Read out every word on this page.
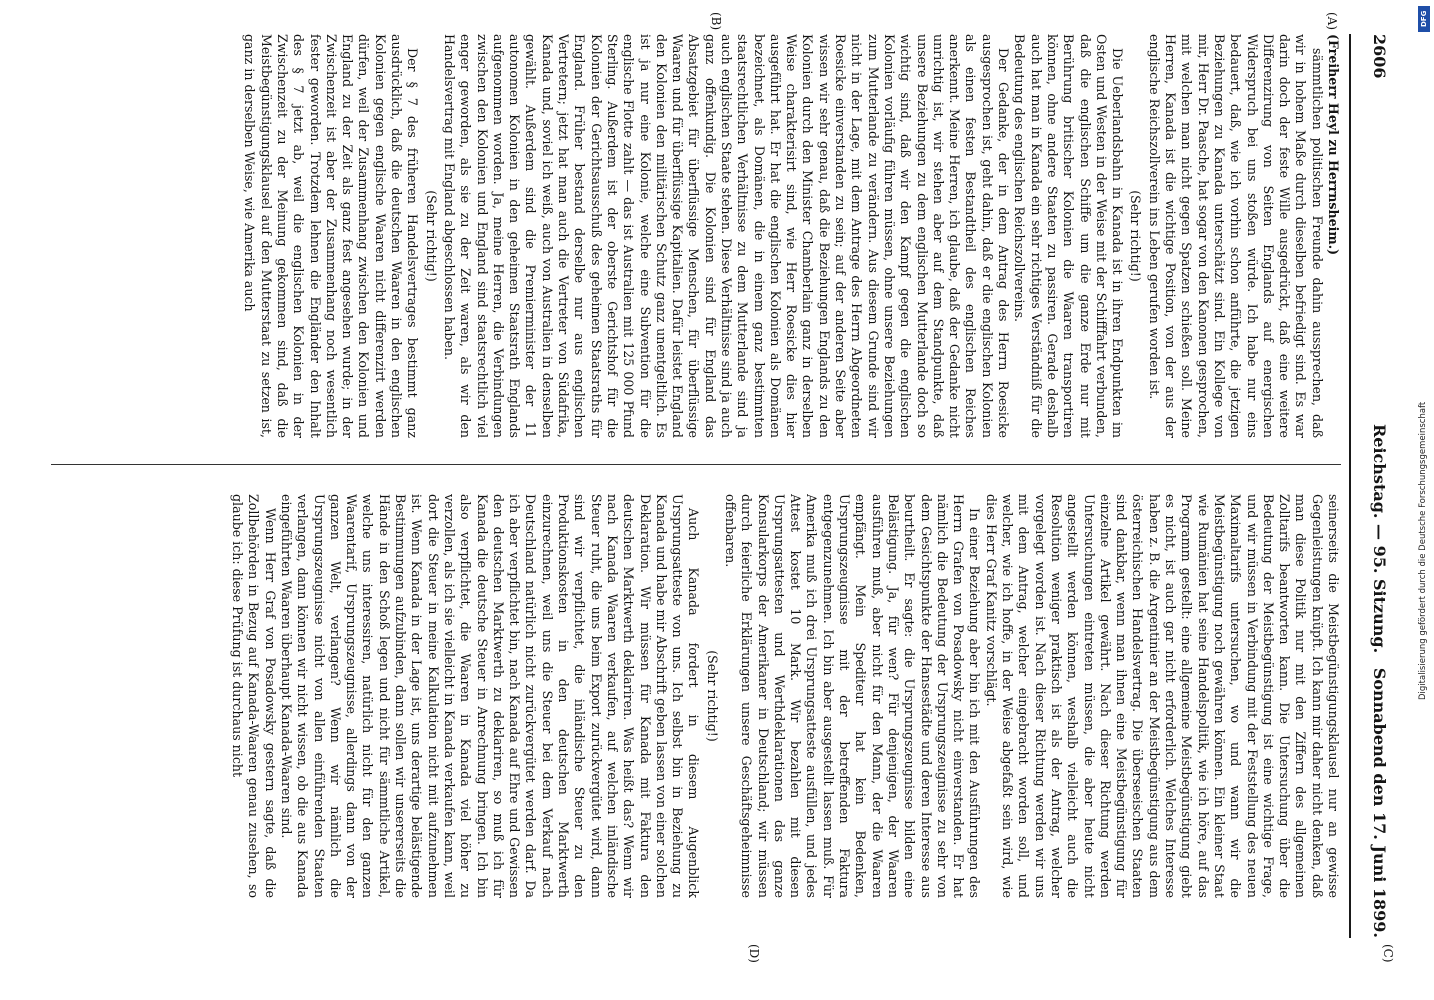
2606
Reichstag. — 95. Sitzung.
Sonnabend den 17. Juni 1899.
(A)
(B)
(C)
(D)

(Freiherr Heyl zu Herrnsheim.)

sämmtlichen politischen Freunde dahin aussprechen, daß wir in hohem Maße durch dieselben befriedigt sind. Es war darin doch der feste Wille ausgedrückt, daß eine weitere Differenzirung von Seiten Englands auf energischen Widerspruch bei uns stoßen würde. Ich habe nur eins bedauert, daß, wie ich vorhin schon anführte, die jetzigen Beziehungen zu Kanada unterschätzt sind. Ein Kollege von mir, Herr Dr. Paasche, hat sogar von den Kanonen gesprochen, mit welchen man nicht gegen Spatzen schießen soll. Meine Herren, Kanada ist die wichtige Position, von der aus der englische Reichszollverein ins Leben gerufen worden ist.

(Sehr richtig!)

Die Ueberlandsbahn in Kanada ist in ihren Endpunkten im Osten und Westen in der Weise mit der Schifffahrt verbunden, daß die englischen Schiffe um die ganze Erde nur mit Berührung britischer Kolonien die Waaren transportiren können, ohne andere Staaten zu passiren. Gerade deshalb auch hat man in Kanada ein sehr richtiges Verständniß für die Bedeutung des englischen Reichszollvereins.

Der Gedanke, der in dem Antrag des Herrn Roesicke ausgesprochen ist, geht dahin, daß er die englischen Kolonien als einen festen Bestandtheil des englischen Reiches anerkennt. Meine Herren, ich glaube, daß der Gedanke nicht unrichtig ist, wir stehen aber auf dem Standpunkte, daß unsere Beziehungen zu dem englischen Mutterlande doch so wichtig sind, daß wir den Kampf gegen die englischen Kolonien vorläufig führen müssen, ohne unsere Beziehungen zum Mutterlande zu verändern. Aus diesem Grunde sind wir nicht in der Lage, mit dem Antrage des Herrn Abgeordneten Roesicke einverstanden zu sein; auf der anderen Seite aber wissen wir sehr genau, daß die Beziehungen Englands zu den Kolonien durch den Minister Chamberlain ganz in derselben Weise charakterisirt sind, wie Herr Roesicke dies hier ausgeführt hat. Er hat die englischen Kolonien als Domänen bezeichnet, als Domänen, die in einem ganz bestimmten staatsrechtlichen Verhältnisse zu dem Mutterlande sind ja auch englischen Staate stehen. Diese Verhältnisse sind ja auch ganz offenkundig. Die Kolonien sind für England das Absatzgebiet für überflüssige Menschen, für überflüssige Waaren und für überflüssige Kapitalien. Dafür leistet England den Kolonien den militärischen Schutz ganz unentgeltlich. Es ist ja nur eine Kolonie, welche eine Subvention für die englische Flotte zahlt — das ist Australien mit 125 000 Pfund Sterling. Außerdem ist der oberste Gerichtshof für die Kolonien der Gerichtsausschuß des geheimen Staatsraths für England. Früher bestand derselbe nur aus englischen Vertretern; jetzt hat man auch die Vertreter von Südafrika, Kanada und, soviel ich weiß, auch von Australien in denselben gewählt. Außerdem sind die Premierminister der 11 autonomen Kolonien in den geheimen Staatsrath Englands aufgenommen worden. Ja, meine Herren, die Verbindungen zwischen den Kolonien und England sind staatsrechtlich viel enger geworden, als sie zu der Zeit waren, als wir den Handelsvertrag mit England abgeschlossen haben.

(Sehr richtig!)

Der § 7 des früheren Handelsvertrages bestimmt ganz ausdrücklich, daß die deutschen Waaren in den englischen Kolonien gegen englische Waaren nicht differenzirt werden dürfen, weil der Zusammenhang zwischen den Kolonien und England zu der Zeit als ganz fest angesehen wurde; in der Zwischenzeit ist aber der Zusammenhang noch wesentlich fester geworden. Trotzdem lehnen die Engländer den Inhalt des § 7 jetzt ab, weil die englischen Kolonien in der Zwischenzeit zu der Meinung gekommen sind, daß die Meistbegünstigungsklausel auf den Mutterstaat zu setzen ist, ganz in derselben Weise, wie Amerika auch

seinerseits die Meistbegünstigungsklausel nur an gewisse Gegenleistungen knüpft. Ich kann mir daher nicht denken, daß man diese Politik nur mit den Ziffern des allgemeinen Zolltarifs beantworten kann. Die Untersuchung über die Bedeutung der Meistbegünstigung ist eine wichtige Frage, und wir müssen in Verbindung mit der Feststellung des neuen Maximaltarifs untersuchen, wo und wann wir die Meistbegünstigung noch gewähren können. Ein kleiner Staat wie Rumänien hat seine Handelspolitik, wie ich höre, auf das Programm gestellt: eine allgemeine Meistbegünstigung giebt es nicht, ist auch gar nicht erforderlich. Welches Interesse haben z. B. die Argentinier an der Meistbegünstigung aus dem österreichischen Handelsvertrag. Die überseeischen Staaten sind dankbar, wenn man ihnen eine Meistbegünstigung für einzelne Artikel gewährt. Nach dieser Richtung werden Untersuchungen eintreten müssen, die aber heute nicht angestellt werden können, weshalb vielleicht auch die Resolution weniger praktisch ist als der Antrag, welcher vorgelegt worden ist. Nach dieser Richtung werden wir uns mit dem Antrag, welcher eingebracht worden soll, und welcher, wie ich hoffe, in der Weise abgefaßt sein wird, wie dies Herr Graf Kanitz vorschlägt.

In einer Beziehung aber bin ich mit den Ausführungen des Herrn Grafen von Posadowsky nicht einverstanden. Er hat nämlich die Bedeutung der Ursprungszeugnisse zu sehr von dem Gesichtspunkte der Hansestädte und deren Interesse aus beurtheilt. Er sagte: die Ursprungszeugnisse bilden eine Belästigung. Ja, für wen? Für denjenigen, der Waaren ausführen muß, aber nicht für den Mann, der die Waaren empfängt. Mein Spediteur hat kein Bedenken, Ursprungszeugnisse mit der betreffenden Faktura entgegenzunehmen. Ich bin aber ausgestellt lassen muß. Für Amerika muß ich drei Ursprungsatteste ausfüllen, und jedes Attest kostet 10 Mark. Wir bezahlen mit diesen Ursprungsattesten und Werthdeklarationen das ganze Konsularkorps der Amerikaner in Deutschland; wir müssen durch feierliche Erklärungen unsere Geschäftsgeheimnisse offenbaren.

(Sehr richtig!)

Auch Kanada fordert in diesem Augenblick Ursprungsatteste von uns. Ich selbst bin in Beziehung zu Kanada und habe mir Abschrift geben lassen von einer solchen Deklaration. Wir müssen für Kanada mit Faktura den deutschen Marktwerth deklariren. Was heißt das? Wenn wir nach Kanada Waaren verkaufen, auf welchen inländische Steuer ruht, die uns beim Export zurückvergütet wird, dann sind wir verpflichtet, die inländische Steuer zu den Produktionskosten in den deutschen Marktwerth einzurechnen, weil uns die Steuer bei dem Verkauf nach Deutschland natürlich nicht zurückvergütet werden darf. Da ich aber verpflichtet bin, nach Kanada auf Ehre und Gewissen den deutschen Marktwerth zu deklariren, so muß ich für Kanada die deutsche Steuer in Anrechnung bringen. Ich bin also verpflichtet, die Waaren in Kanada viel höher zu verzollen, als ich sie vielleicht in Kanada verkaufen kann, weil dort die Steuer in meine Kalkulation nicht mit aufzunehmen ist. Wenn Kanada in der Lage ist, uns derartige belästigende Bestimmungen aufzubinden, dann sollen wir unsererseits die Hände in den Schoß legen und nicht für sämmtliche Artikel, welche uns interessiren, natürlich nicht für den ganzen Waarentarif, Ursprungszeugnisse, allerdings dann von der ganzen Welt, verlangen? Wenn wir nämlich die Ursprungszeugnisse nicht von allen einführenden Staaten verlangen, dann können wir nicht wissen, ob die aus Kanada eingeführten Waaren überhaupt Kanada-Waaren sind.

Wenn Herr Graf von Posadowsky gestern sagte, daß die Zollbehörden in Bezug auf Kanada-Waaren genau zusehen, so glaube ich: diese Prüfung ist durchaus nicht

DFG
Digitalisierung gefördert durch die Deutsche Forschungsgemeinschaft
